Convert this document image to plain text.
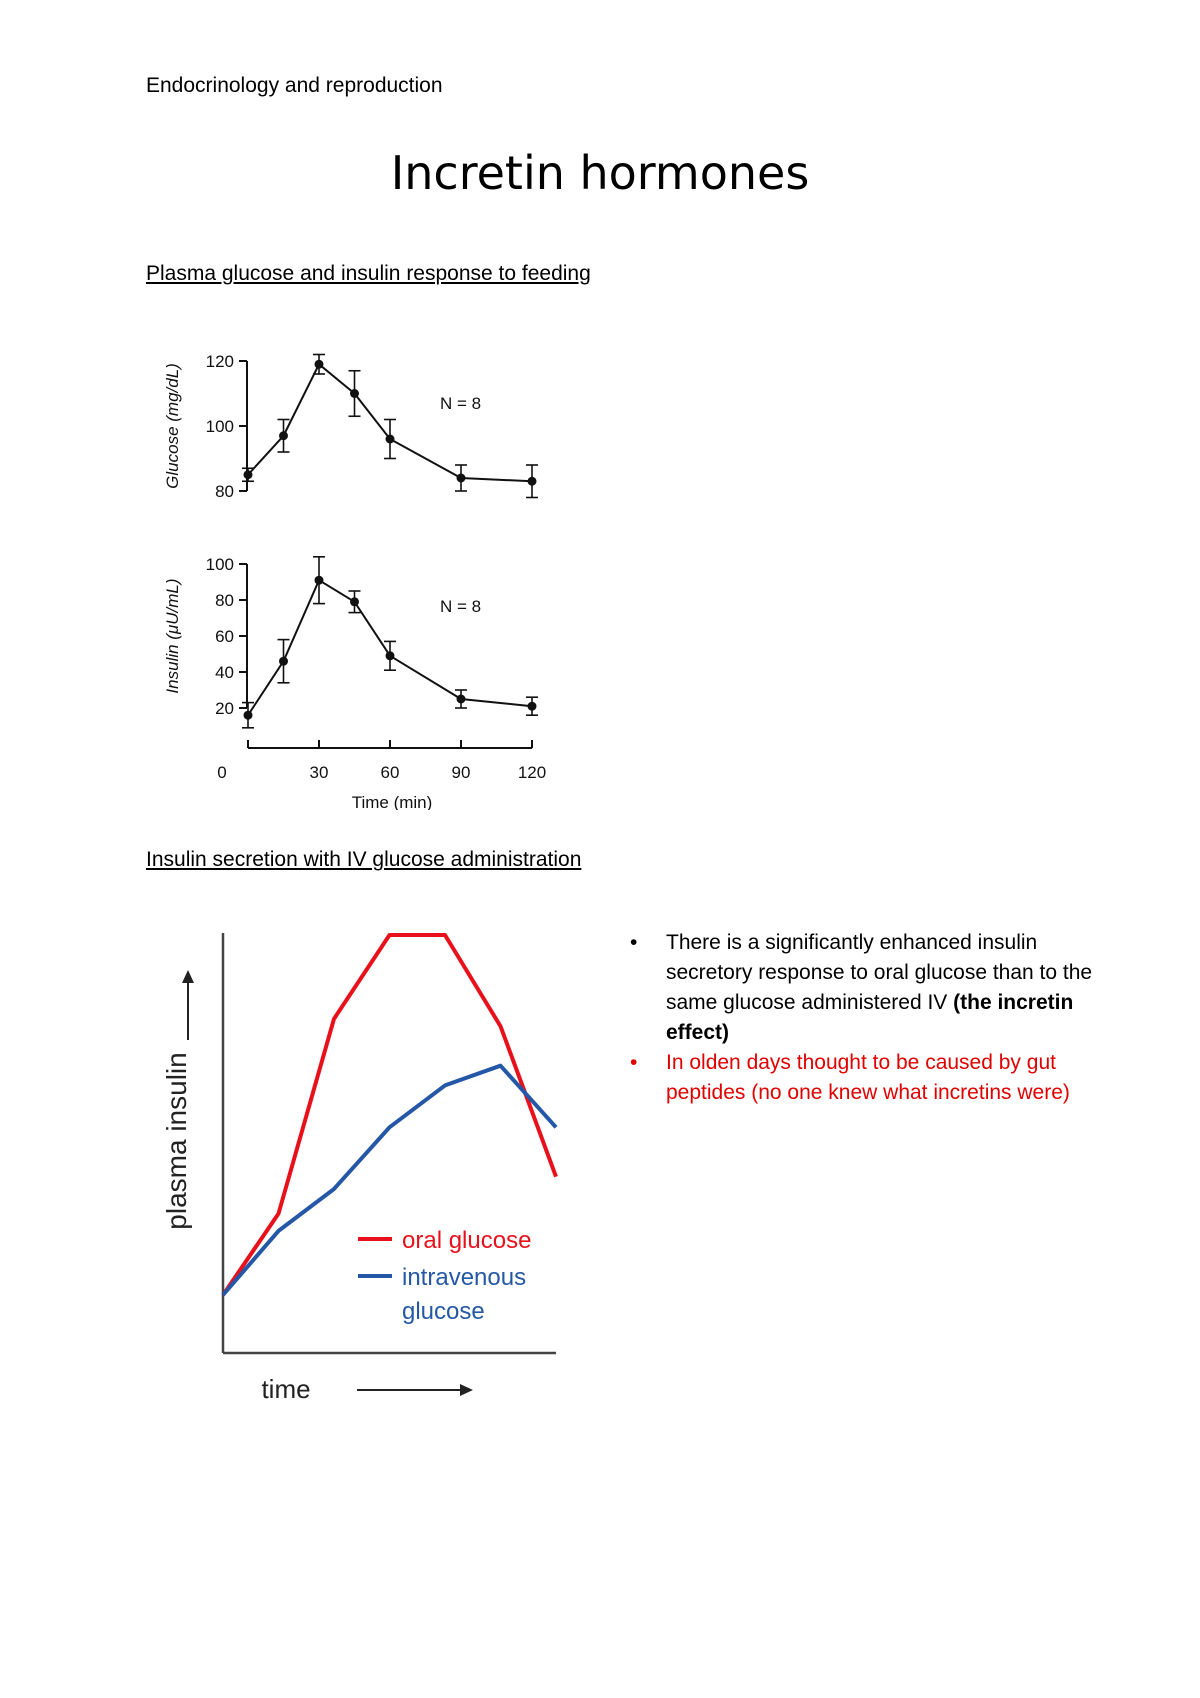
Endocrinology and reproduction
Incretin hormones
Plasma glucose and insulin response to feeding
80
100
120
Glucose (mg/dL)	N = 8
20
40
60
80
100
Insulin (μU/mL)	N = 8
0	30	60	90	120
Time (min)
Insulin secretion with IV glucose administration
plasma insulin
time
oral glucose
intravenous glucose
• There is a significantly enhanced insulin secretory response to oral glucose than to the same glucose administered IV (the incretin effect)
• In olden days thought to be caused by gut peptides (no one knew what incretins were)
